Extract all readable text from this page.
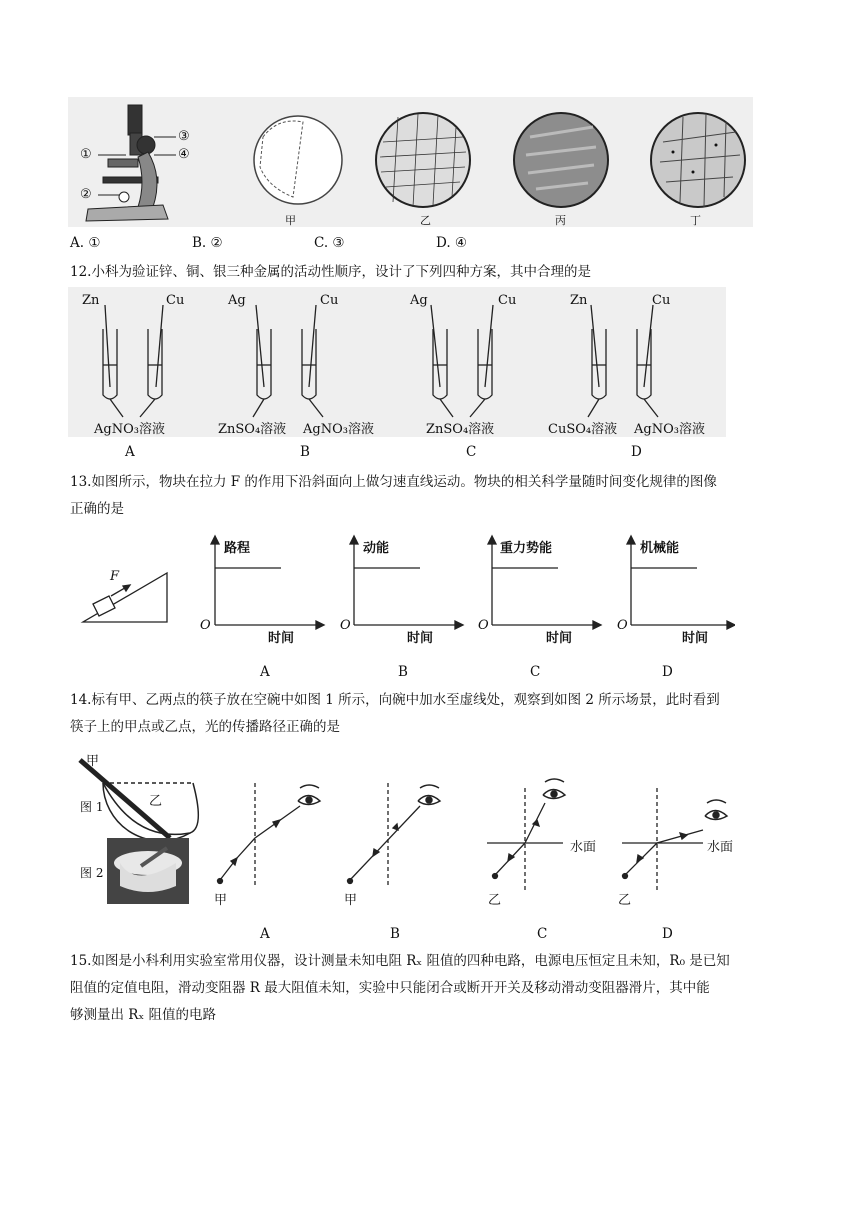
①
②
③
④
甲	乙	丙	丁
A. ①	B. ②	C. ③	D. ④
12.小科为验证锌、铜、银三种金属的活动性顺序，设计了下列四种方案，其中合理的是
Zn	Cu
AgNO₃溶液
Ag	Cu
ZnSO₄溶液 AgNO₃溶液
Ag	Cu
ZnSO₄溶液
Zn	Cu
CuSO₄溶液 AgNO₃溶液
A	B	C	D
13.如图所示，物块在拉力 F 的作用下沿斜面向上做匀速直线运动。物块的相关科学量随时间变化规律的图像
正确的是
F
路程
时间
O
动能
时间
O
重力势能
时间
O
机械能
时间
O
A	B	C	D
14.标有甲、乙两点的筷子放在空碗中如图 1 所示，向碗中加水至虚线处，观察到如图 2 所示场景，此时看到
筷子上的甲点或乙点，光的传播路径正确的是
甲
乙
图 1
图 2
甲	甲	乙	乙
水面	水面
A	B	C	D
15.如图是小科利用实验室常用仪器，设计测量未知电阻 Rₓ 阻值的四种电路，电源电压恒定且未知，R₀ 是已知
阻值的定值电阻，滑动变阻器 R 最大阻值未知，实验中只能闭合或断开开关及移动滑动变阻器滑片，其中能
够测量出 Rₓ 阻值的电路
